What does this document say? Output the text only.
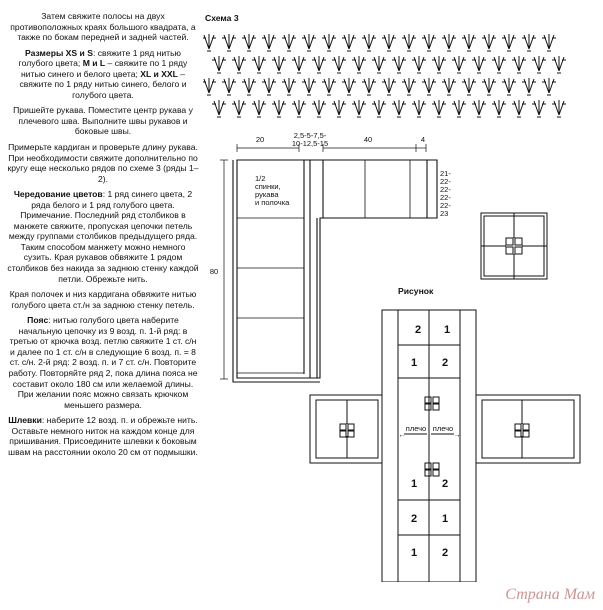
Затем свяжите полосы на двух противоположных краях большого квадрата, а также по бокам передней и задней частей.

Размеры XS и S: свяжите 1 ряд нитью голубого цвета; M и L – свяжите по 1 ряду нитью синего и белого цвета; XL и XXL – свяжите по 1 ряду нитью синего, белого и голубого цвета.

Пришейте рукава. Поместите центр рукава у плечевого шва. Выполните швы рукавов и боковые швы.

Примерьте кардиган и проверьте длину рукава. При необходимости свяжите дополнительно по кругу еще несколько рядов по схеме 3 (ряды 1–2).

Чередование цветов: 1 ряд синего цвета, 2 ряда белого и 1 ряд голубого цвета. Примечание. Последний ряд столбиков в манжете свяжите, пропуская цепочки петель между группами столбиков предыдущего ряда. Таким способом манжету можно немного сузить. Края рукавов обвяжите 1 рядом столбиков без накида за заднюю стенку каждой петли. Обрежьте нить.

Края полочек и низ кардигана обвяжите нитью голубого цвета ст./н за заднюю стенку петель.

Пояс: нитью голубого цвета наберите начальную цепочку из 9 возд. п. 1-й ряд: в третью от крючка возд. петлю свяжите 1 ст. с/н и далее по 1 ст. с/н в следующие 6 возд. п. = 8 ст. с/н. 2-й ряд: 2 возд. п. и 7 ст. с/н. Повторите работу. Повторяйте ряд 2, пока длина пояса не составит около 180 см или желаемой длины. При желании пояс можно связать крючком меньшего размера.

Шлевки: наберите 12 возд. п. и обрежьте нить. Оставьте немного ниток на каждом конце для пришивания. Присоедините шлевки к боковым швам на расстоянии около 20 см от подмышки.

Схема 3
20	2,5-5-7,5-
10-12,5-15	40	4
80
1/2
спинки,
рукава
и полочка
21-
22-
22-
22-
22-
23
Рисунок
2 1
1 2
1 2
2 1
1 2
плечо плечо
←	→
Страна Мам
